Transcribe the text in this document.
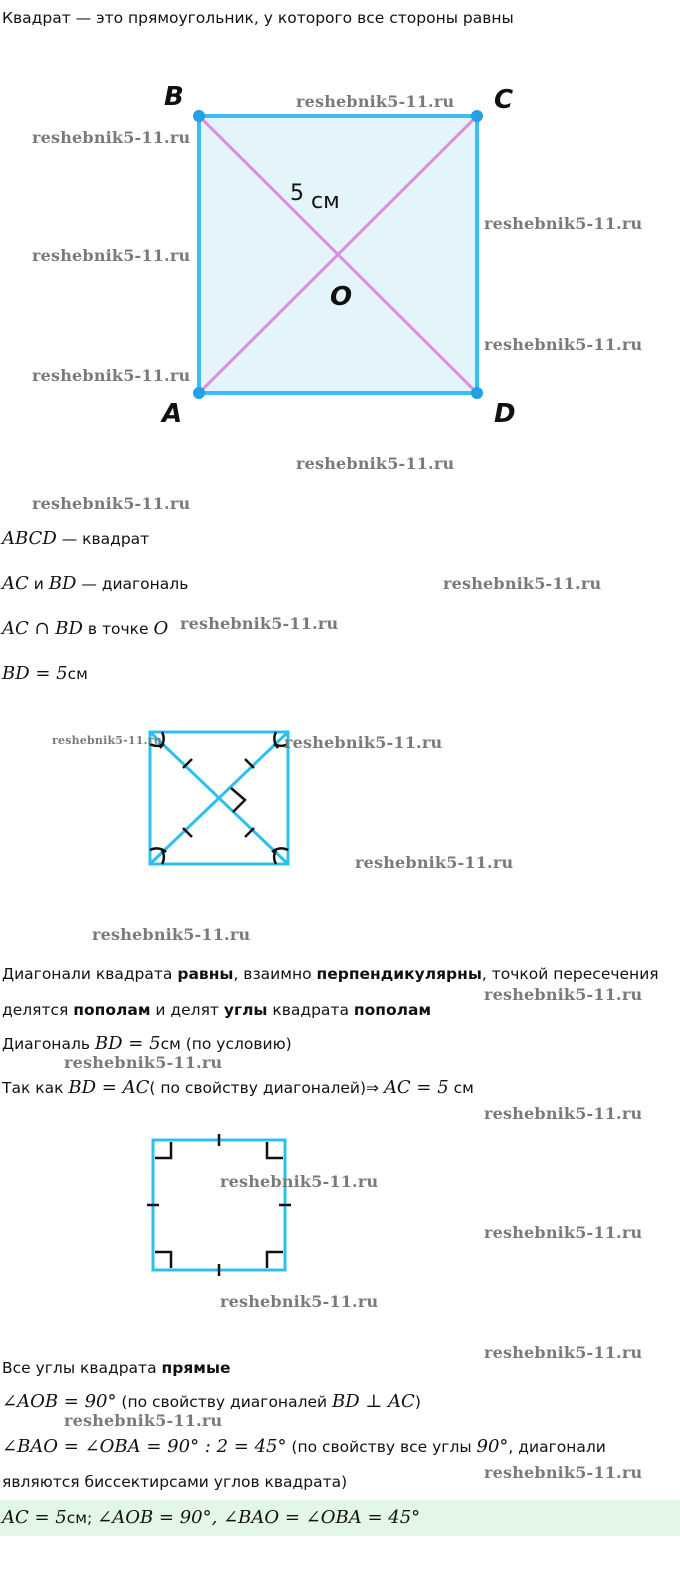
Квадрат — это прямоугольник, у которого все стороны равны
B	C
A	D
O
5 см
ABCD — квадрат
AC и BD — диагональ
AC ∩ BD в точке O
BD = 5см
Диагонали квадрата равны, взаимно перпендикулярны, точкой пересечения
делятся пополам и делят углы квадрата пополам
Диагональ BD = 5см (по условию)
Так как BD = AC( по свойству диагоналей)⇒ AC = 5 см
Все углы квадрата прямые
∠AOB = 90° (по свойству диагоналей BD ⊥ AC)
∠BAO = ∠OBA = 90° : 2 = 45° (по свойству все углы 90°, диагонали
являются биссектирсами углов квадрата)
AC = 5см; ∠AOB = 90°, ∠BAO = ∠OBA = 45°
reshebnik5-11.ru
reshebnik5-11.ru
reshebnik5-11.ru
reshebnik5-11.ru
reshebnik5-11.ru
reshebnik5-11.ru
reshebnik5-11.ru
reshebnik5-11.ru
reshebnik5-11.ru
reshebnik5-11.ru
reshebnik5-11.ru	reshebnik5-11.ru
reshebnik5-11.ru
reshebnik5-11.ru
reshebnik5-11.ru
reshebnik5-11.ru
reshebnik5-11.ru
reshebnik5-11.ru
reshebnik5-11.ru
reshebnik5-11.ru
reshebnik5-11.ru
reshebnik5-11.ru
reshebnik5-11.ru
